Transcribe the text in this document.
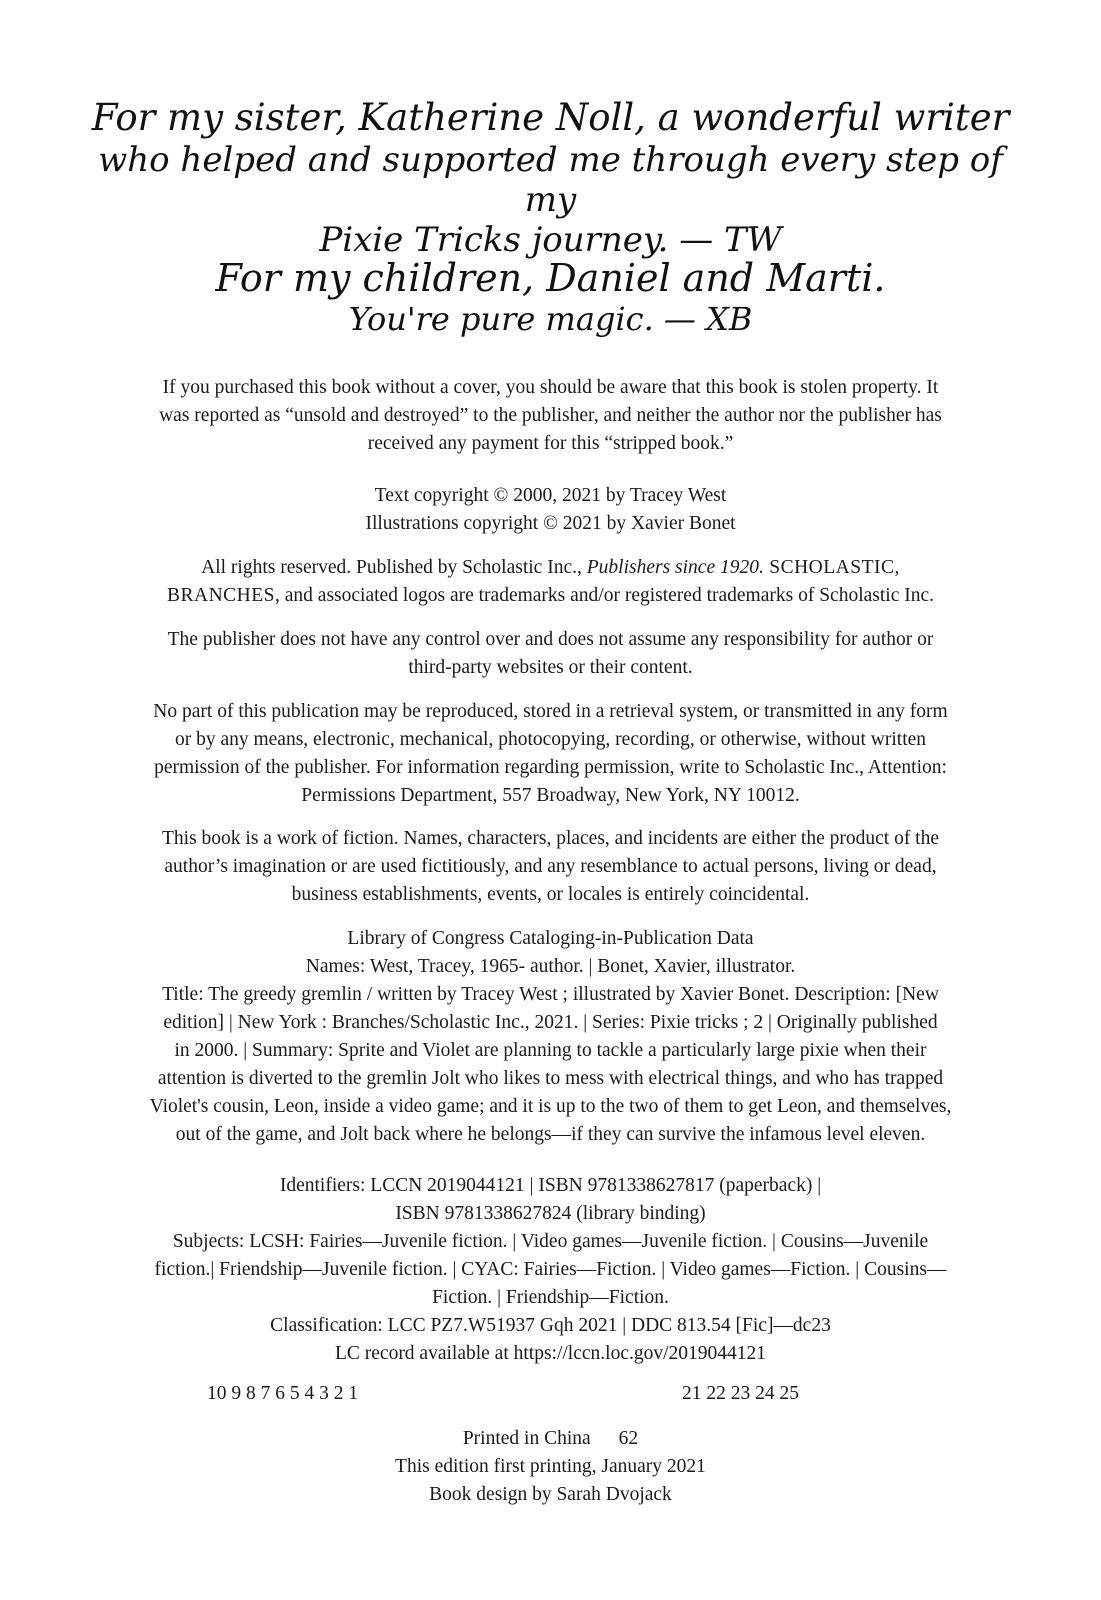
For my sister, Katherine Noll, a wonderful writer
who helped and supported me through every step of my
Pixie Tricks journey. — TW
For my children, Daniel and Marti.
You're pure magic. — XB

If you purchased this book without a cover, you should be aware that this book is stolen property. It
was reported as “unsold and destroyed” to the publisher, and neither the author nor the publisher has
received any payment for this “stripped book.”

Text copyright © 2000, 2021 by Tracey West
Illustrations copyright © 2021 by Xavier Bonet

All rights reserved. Published by Scholastic Inc., Publishers since 1920. SCHOLASTIC,
BRANCHES, and associated logos are trademarks and/or registered trademarks of Scholastic Inc.

The publisher does not have any control over and does not assume any responsibility for author or
third-party websites or their content.

No part of this publication may be reproduced, stored in a retrieval system, or transmitted in any form
or by any means, electronic, mechanical, photocopying, recording, or otherwise, without written
permission of the publisher. For information regarding permission, write to Scholastic Inc., Attention:
Permissions Department, 557 Broadway, New York, NY 10012.

This book is a work of fiction. Names, characters, places, and incidents are either the product of the
author’s imagination or are used fictitiously, and any resemblance to actual persons, living or dead,
business establishments, events, or locales is entirely coincidental.

Library of Congress Cataloging-in-Publication Data
Names: West, Tracey, 1965- author. | Bonet, Xavier, illustrator.
Title: The greedy gremlin / written by Tracey West ; illustrated by Xavier Bonet. Description: [New
edition] | New York : Branches/Scholastic Inc., 2021. | Series: Pixie tricks ; 2 | Originally published
in 2000. | Summary: Sprite and Violet are planning to tackle a particularly large pixie when their
attention is diverted to the gremlin Jolt who likes to mess with electrical things, and who has trapped
Violet's cousin, Leon, inside a video game; and it is up to the two of them to get Leon, and themselves,
out of the game, and Jolt back where he belongs—if they can survive the infamous level eleven.

Identifiers: LCCN 2019044121 | ISBN 9781338627817 (paperback) |
ISBN 9781338627824 (library binding)
Subjects: LCSH: Fairies—Juvenile fiction. | Video games—Juvenile fiction. | Cousins—Juvenile
fiction.| Friendship—Juvenile fiction. | CYAC: Fairies—Fiction. | Video games—Fiction. | Cousins—
Fiction. | Friendship—Fiction.
Classification: LCC PZ7.W51937 Gqh 2021 | DDC 813.54 [Fic]—dc23
LC record available at https://lccn.loc.gov/2019044121

10 9 8 7 6 5 4 3 2 1	21 22 23 24 25

Printed in China 62
This edition first printing, January 2021
Book design by Sarah Dvojack
